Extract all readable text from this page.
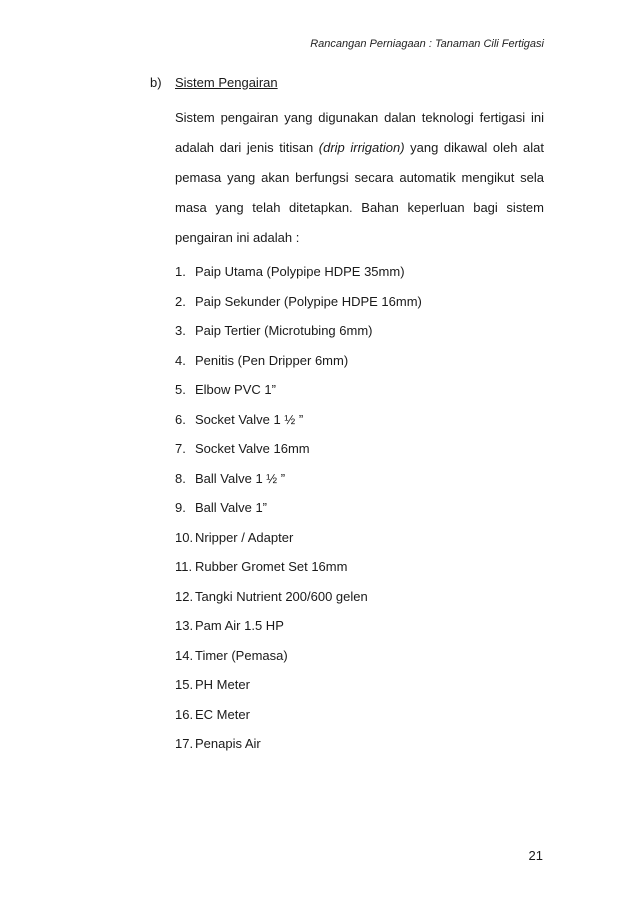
Rancangan Perniagaan : Tanaman Cili Fertigasi
b)	Sistem Pengairan

Sistem pengairan yang digunakan dalan teknologi fertigasi ini adalah dari jenis titisan (drip irrigation) yang dikawal oleh alat pemasa yang akan berfungsi secara automatik mengikut sela masa yang telah ditetapkan. Bahan keperluan bagi sistem pengairan ini adalah :

1. Paip Utama (Polypipe HDPE 35mm)
2. Paip Sekunder (Polypipe HDPE 16mm)
3. Paip Tertier (Microtubing 6mm)
4. Penitis (Pen Dripper 6mm)
5. Elbow PVC 1”
6. Socket Valve 1 ½ ”
7. Socket Valve 16mm
8. Ball Valve 1 ½ ”
9. Ball Valve 1”
10. Nripper / Adapter
11. Rubber Gromet Set 16mm
12. Tangki Nutrient 200/600 gelen
13. Pam Air 1.5 HP
14. Timer (Pemasa)
15. PH Meter
16. EC Meter
17. Penapis Air
21
